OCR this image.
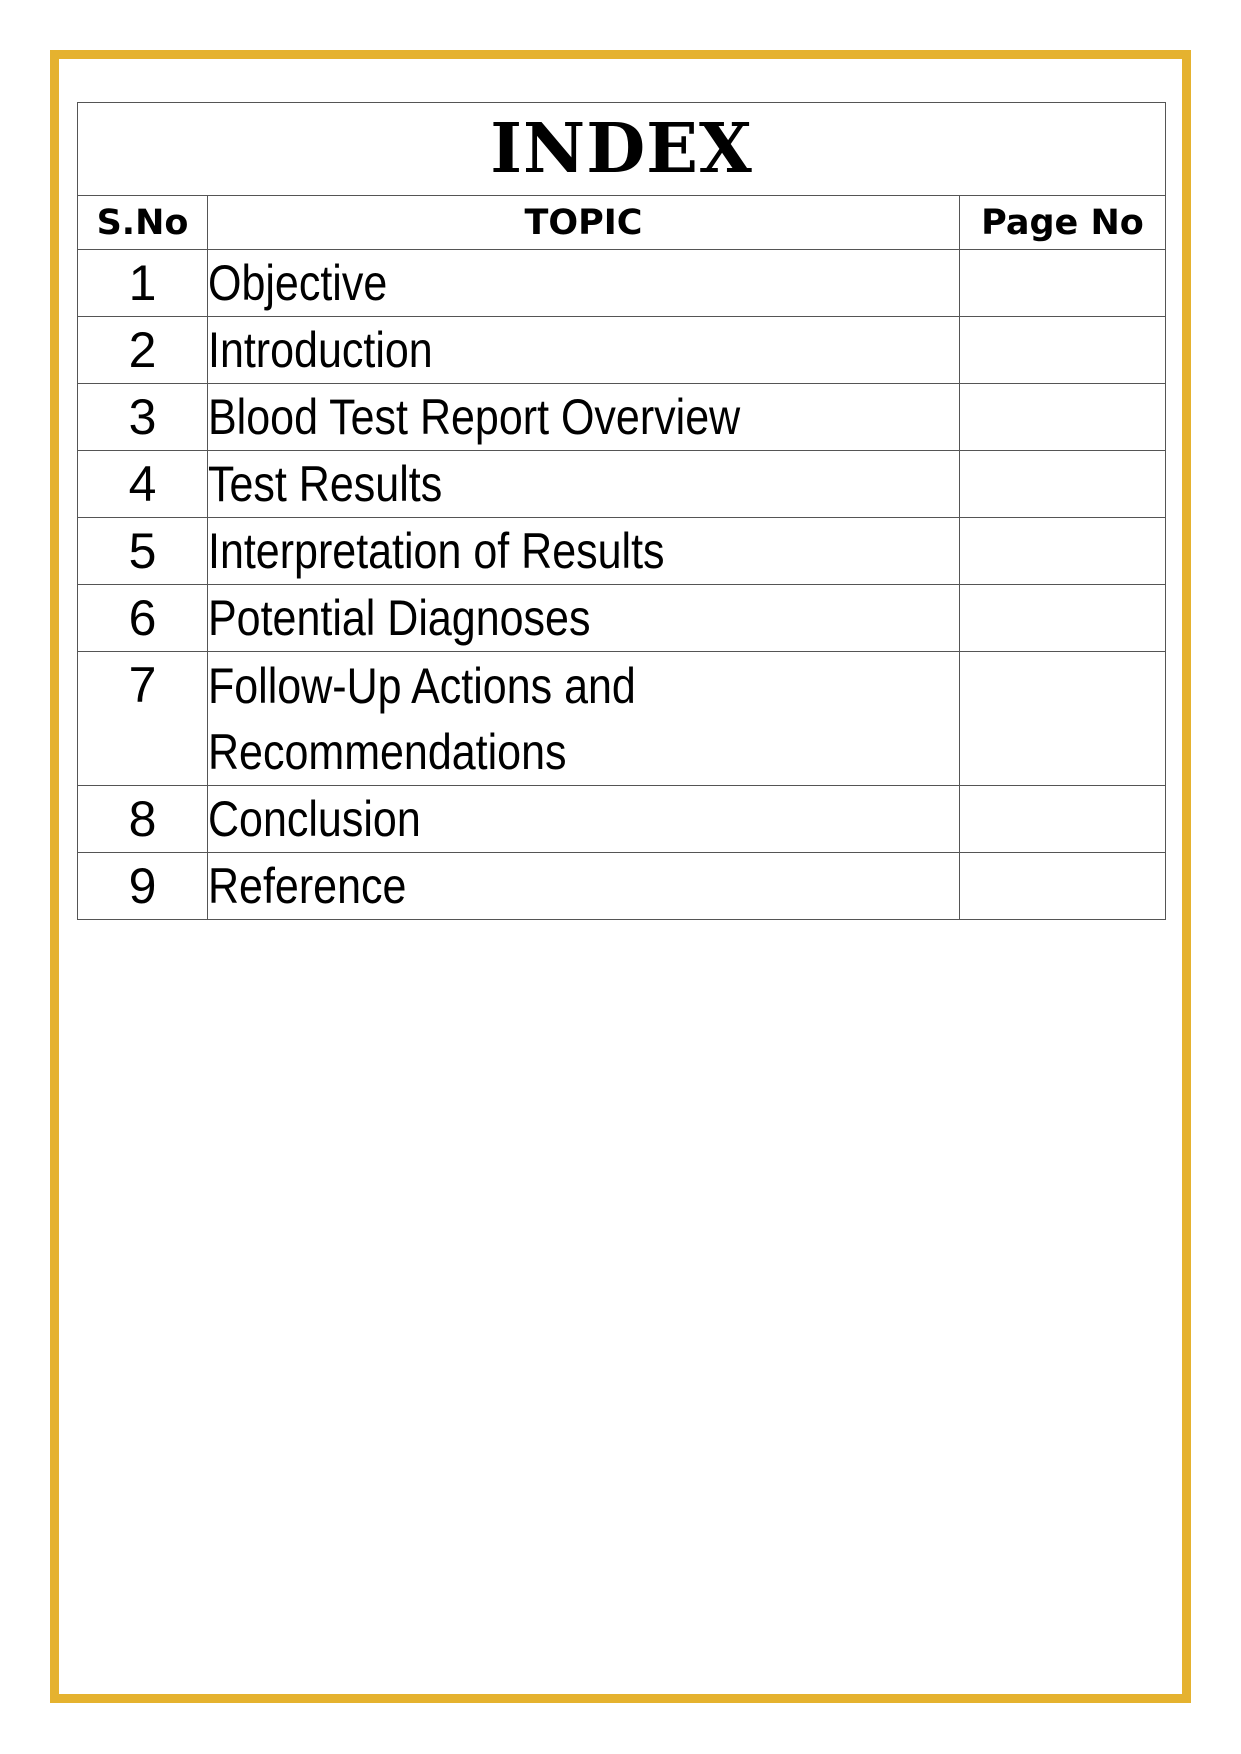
INDEX		
S.No	TOPIC	Page No
1	Objective	
2	Introduction	
3	Blood Test Report Overview	
4	Test Results	
5	Interpretation of Results	
6	Potential Diagnoses	
7	Follow-Up Actions and Recommendations	
8	Conclusion	
9	Reference	
